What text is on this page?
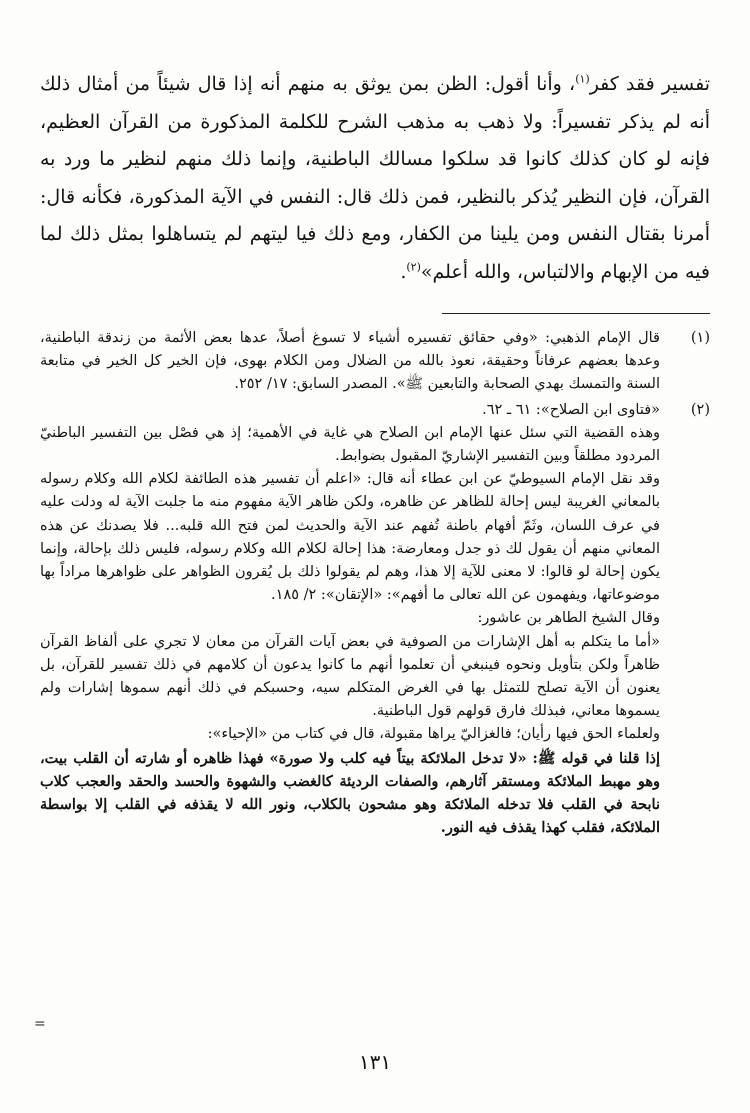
تفسير فقد كفر$^{(١)}$، وأنا أقول: الظن بمن يوثق به منهم أنه إذا قال شيئاً من أمثال ذلك أنه لم يذكر تفسيراً: ولا ذهب به مذهب الشرح للكلمة المذكورة من القرآن العظيم، فإنه لو كان كذلك كانوا قد سلكوا مسالك الباطنية، وإنما ذلك منهم لنظير ما ورد به القرآن، فإن النظير يُذكر بالنظير، فمن ذلك قال: النفس في الآية المذكورة، فكأنه قال: أمرنا بقتال النفس ومن يلينا من الكفار، ومع ذلك فيا ليتهم لم يتساهلوا بمثل ذلك لما فيه من الإبهام والالتباس، والله أعلم»$^{(٢)}$.

(١)

قال الإمام الذهبي: «وفي حقائق تفسيره أشياء لا تسوغ أصلاً، عدها بعض الأئمة من زندقة الباطنية، وعدها بعضهم عرفاناً وحقيقة، نعوذ بالله من الضلال ومن الكلام بهوى، فإن الخير كل الخير في متابعة السنة والتمسك بهدي الصحابة والتابعين ﷺ». المصدر السابق: ١٧/ ٢٥٢.

(٢)

«فتاوى ابن الصلاح»: ٦١ ـ ٦٢.

وهذه القضية التي سئل عنها الإمام ابن الصلاح هي غاية في الأهمية؛ إذ هي فصْل بين التفسير الباطنيّ المردود مطلقاً وبين التفسير الإشاريّ المقبول بضوابط.

وقد نقل الإمام السيوطيّ عن ابن عطاء أنه قال: «اعلم أن تفسير هذه الطائفة لكلام الله وكلام رسوله بالمعاني الغريبة ليس إحالة للظاهر عن ظاهره، ولكن ظاهر الآية مفهوم منه ما جلبت الآية له ودلت عليه في عرف اللسان، وثَمّ أفهام باطنة تُفهم عند الآية والحديث لمن فتح الله قلبه... فلا يصدنك عن هذه المعاني منهم أن يقول لك ذو جدل ومعارضة: هذا إحالة لكلام الله وكلام رسوله، فليس ذلك بإحالة، وإنما يكون إحالة لو قالوا: لا معنى للآية إلا هذا، وهم لم يقولوا ذلك بل يُقرون الظواهر على ظواهرها مراداً بها موضوعاتها، ويفهمون عن الله تعالى ما أفهم»: «الإتقان»: ٢/ ١٨٥.

وقال الشيخ الطاهر بن عاشور:

«أما ما يتكلم به أهل الإشارات من الصوفية في بعض آيات القرآن من معان لا تجري على ألفاظ القرآن ظاهراً ولكن بتأويل ونحوه فينبغي أن تعلموا أنهم ما كانوا يدعون أن كلامهم في ذلك تفسير للقرآن، بل يعنون أن الآية تصلح للتمثل بها في الغرض المتكلم سيه، وحسبكم في ذلك أنهم سموها إشارات ولم يسموها معاني، فبذلك فارق قولهم قول الباطنية.

ولعلماء الحق فيها رأيان؛ فالغزاليّ يراها مقبولة، قال في كتاب من «الإحياء»:

إذا قلنا في قوله ﷺ: «لا تدخل الملائكة بيتاً فيه كلب ولا صورة» فهذا ظاهره أو شارته أن القلب بيت، وهو مهبط الملائكة ومستقر آثارهم، والصفات الرديئة كالغضب والشهوة والحسد والحقد والعجب كلاب نابحة في القلب فلا تدخله الملائكة وهو مشحون بالكلاب، ونور الله لا يقذفه في القلب إلا بواسطة الملائكة، فقلب كهذا يقذف فيه النور.

=
١٣١
